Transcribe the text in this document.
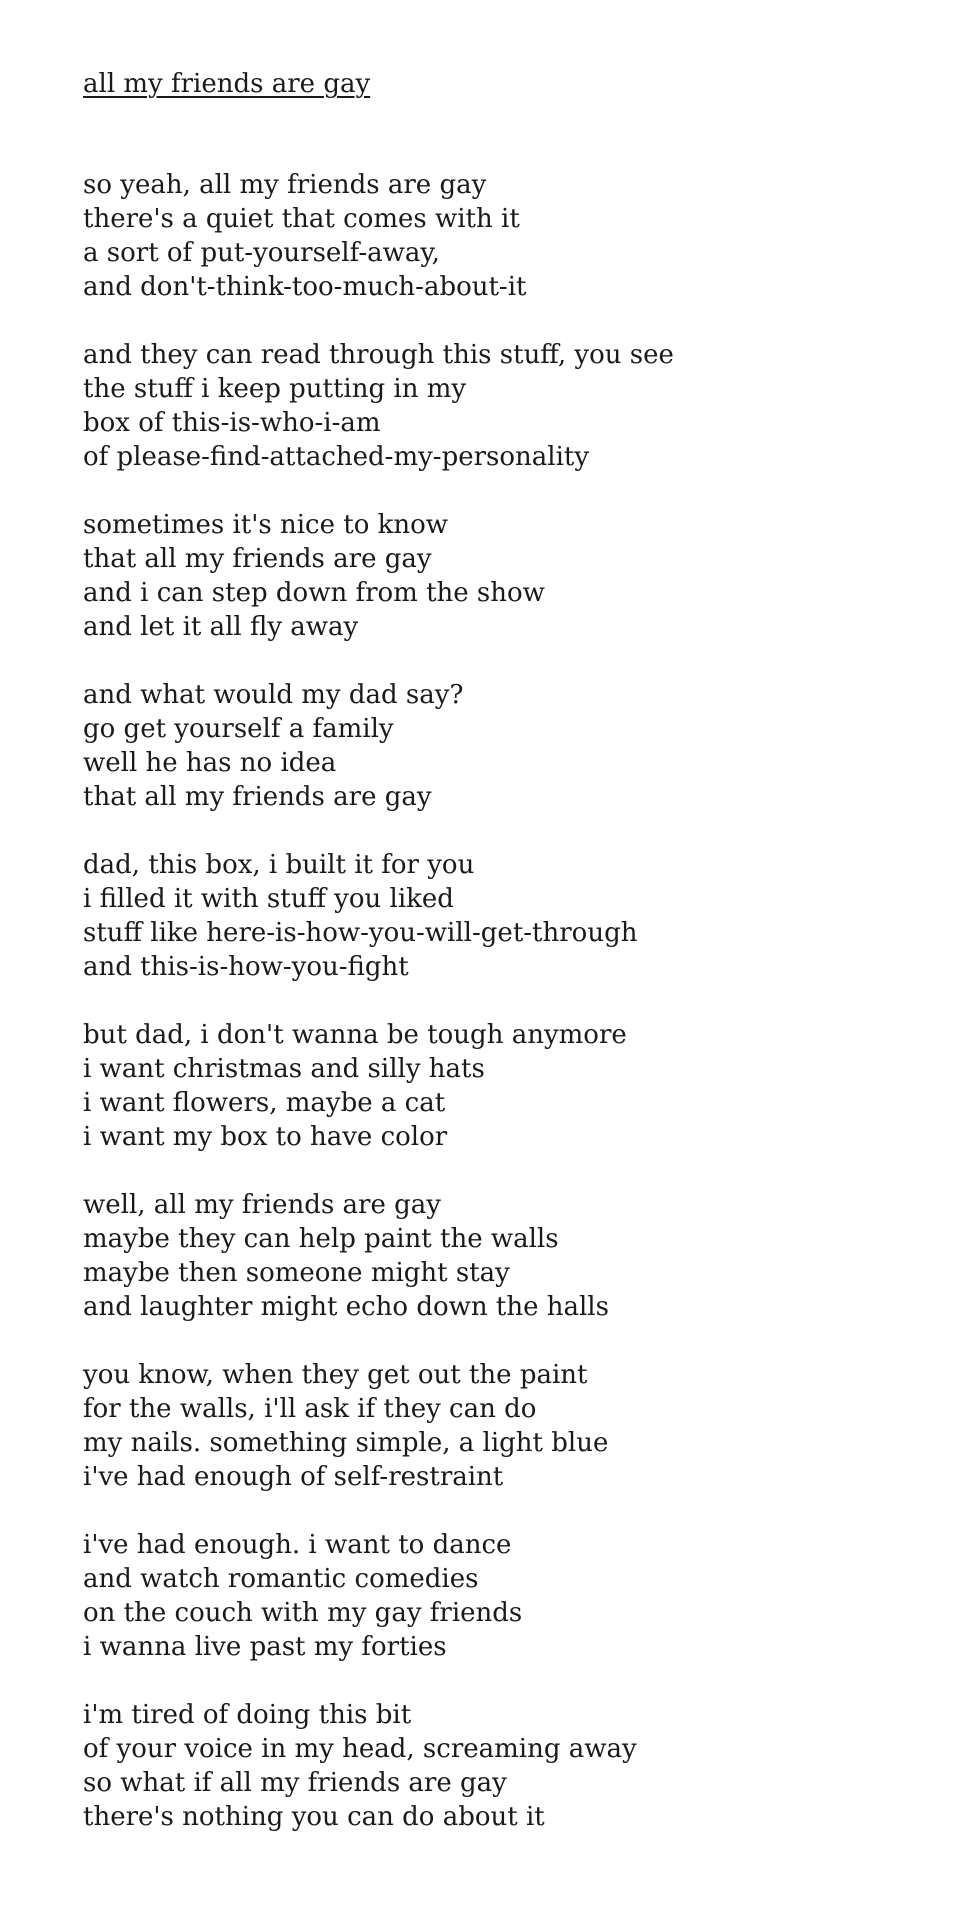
all my friends are gay
so yeah, all my friends are gay
there's a quiet that comes with it
a sort of put-yourself-away,
and don't-think-too-much-about-it
and they can read through this stuff, you see
the stuff i keep putting in my
box of this-is-who-i-am
of please-find-attached-my-personality
sometimes it's nice to know
that all my friends are gay
and i can step down from the show
and let it all fly away
and what would my dad say?
go get yourself a family
well he has no idea
that all my friends are gay
dad, this box, i built it for you
i filled it with stuff you liked
stuff like here-is-how-you-will-get-through
and this-is-how-you-fight
but dad, i don't wanna be tough anymore
i want christmas and silly hats
i want flowers, maybe a cat
i want my box to have color
well, all my friends are gay
maybe they can help paint the walls
maybe then someone might stay
and laughter might echo down the halls
you know, when they get out the paint
for the walls, i'll ask if they can do
my nails. something simple, a light blue
i've had enough of self-restraint
i've had enough. i want to dance
and watch romantic comedies
on the couch with my gay friends
i wanna live past my forties
i'm tired of doing this bit
of your voice in my head, screaming away
so what if all my friends are gay
there's nothing you can do about it
